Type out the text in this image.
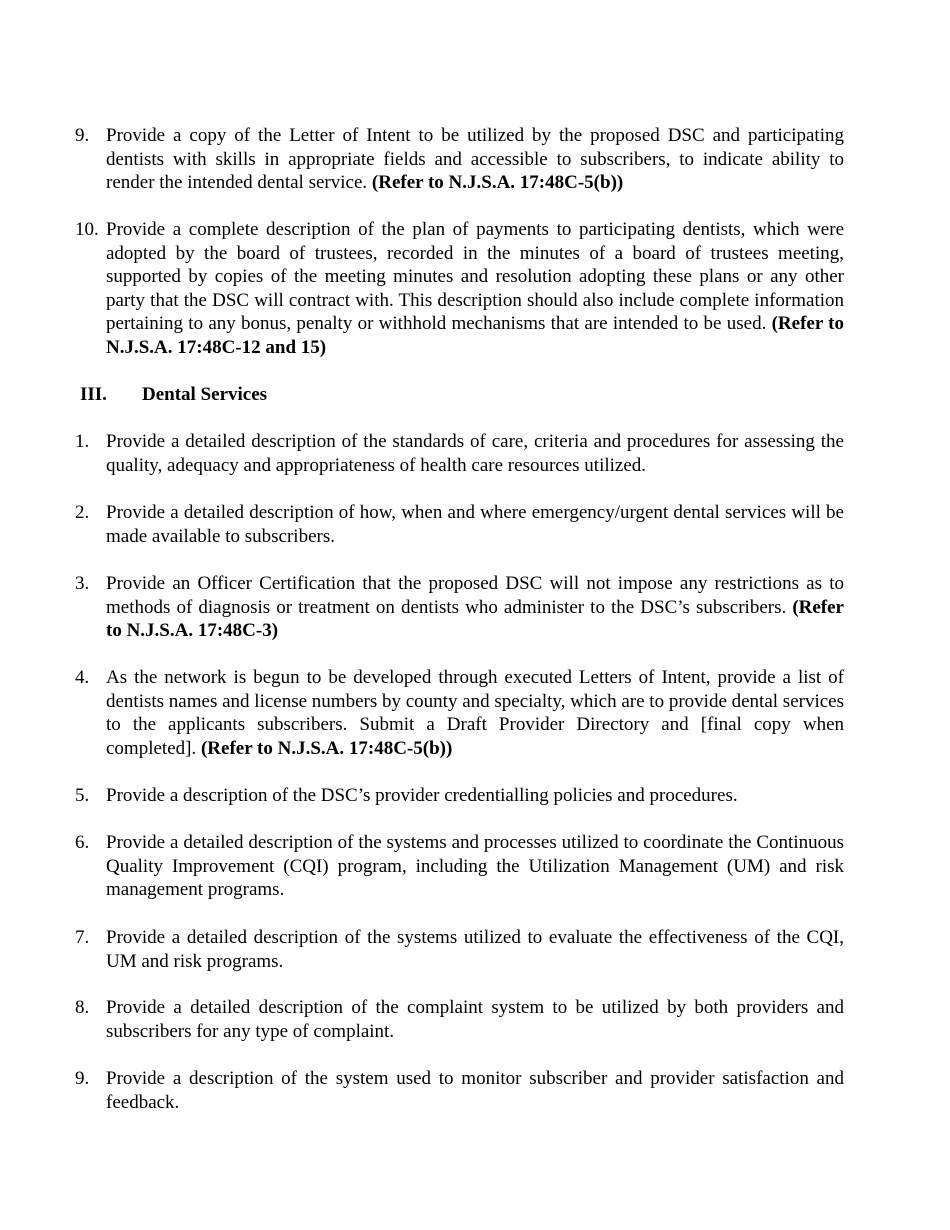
9. Provide a copy of the Letter of Intent to be utilized by the proposed DSC and participating dentists with skills in appropriate fields and accessible to subscribers, to indicate ability to render the intended dental service. (Refer to N.J.S.A. 17:48C-5(b))
10. Provide a complete description of the plan of payments to participating dentists, which were adopted by the board of trustees, recorded in the minutes of a board of trustees meeting, supported by copies of the meeting minutes and resolution adopting these plans or any other party that the DSC will contract with. This description should also include complete information pertaining to any bonus, penalty or withhold mechanisms that are intended to be used. (Refer to N.J.S.A. 17:48C-12 and 15)
III. Dental Services
1. Provide a detailed description of the standards of care, criteria and procedures for assessing the quality, adequacy and appropriateness of health care resources utilized.
2. Provide a detailed description of how, when and where emergency/urgent dental services will be made available to subscribers.
3. Provide an Officer Certification that the proposed DSC will not impose any restrictions as to methods of diagnosis or treatment on dentists who administer to the DSC’s subscribers. (Refer to N.J.S.A. 17:48C-3)
4. As the network is begun to be developed through executed Letters of Intent, provide a list of dentists names and license numbers by county and specialty, which are to provide dental services to the applicants subscribers. Submit a Draft Provider Directory and [final copy when completed]. (Refer to N.J.S.A. 17:48C-5(b))
5. Provide a description of the DSC’s provider credentialling policies and procedures.
6. Provide a detailed description of the systems and processes utilized to coordinate the Continuous Quality Improvement (CQI) program, including the Utilization Management (UM) and risk management programs.
7. Provide a detailed description of the systems utilized to evaluate the effectiveness of the CQI, UM and risk programs.
8. Provide a detailed description of the complaint system to be utilized by both providers and subscribers for any type of complaint.
9. Provide a description of the system used to monitor subscriber and provider satisfaction and feedback.
